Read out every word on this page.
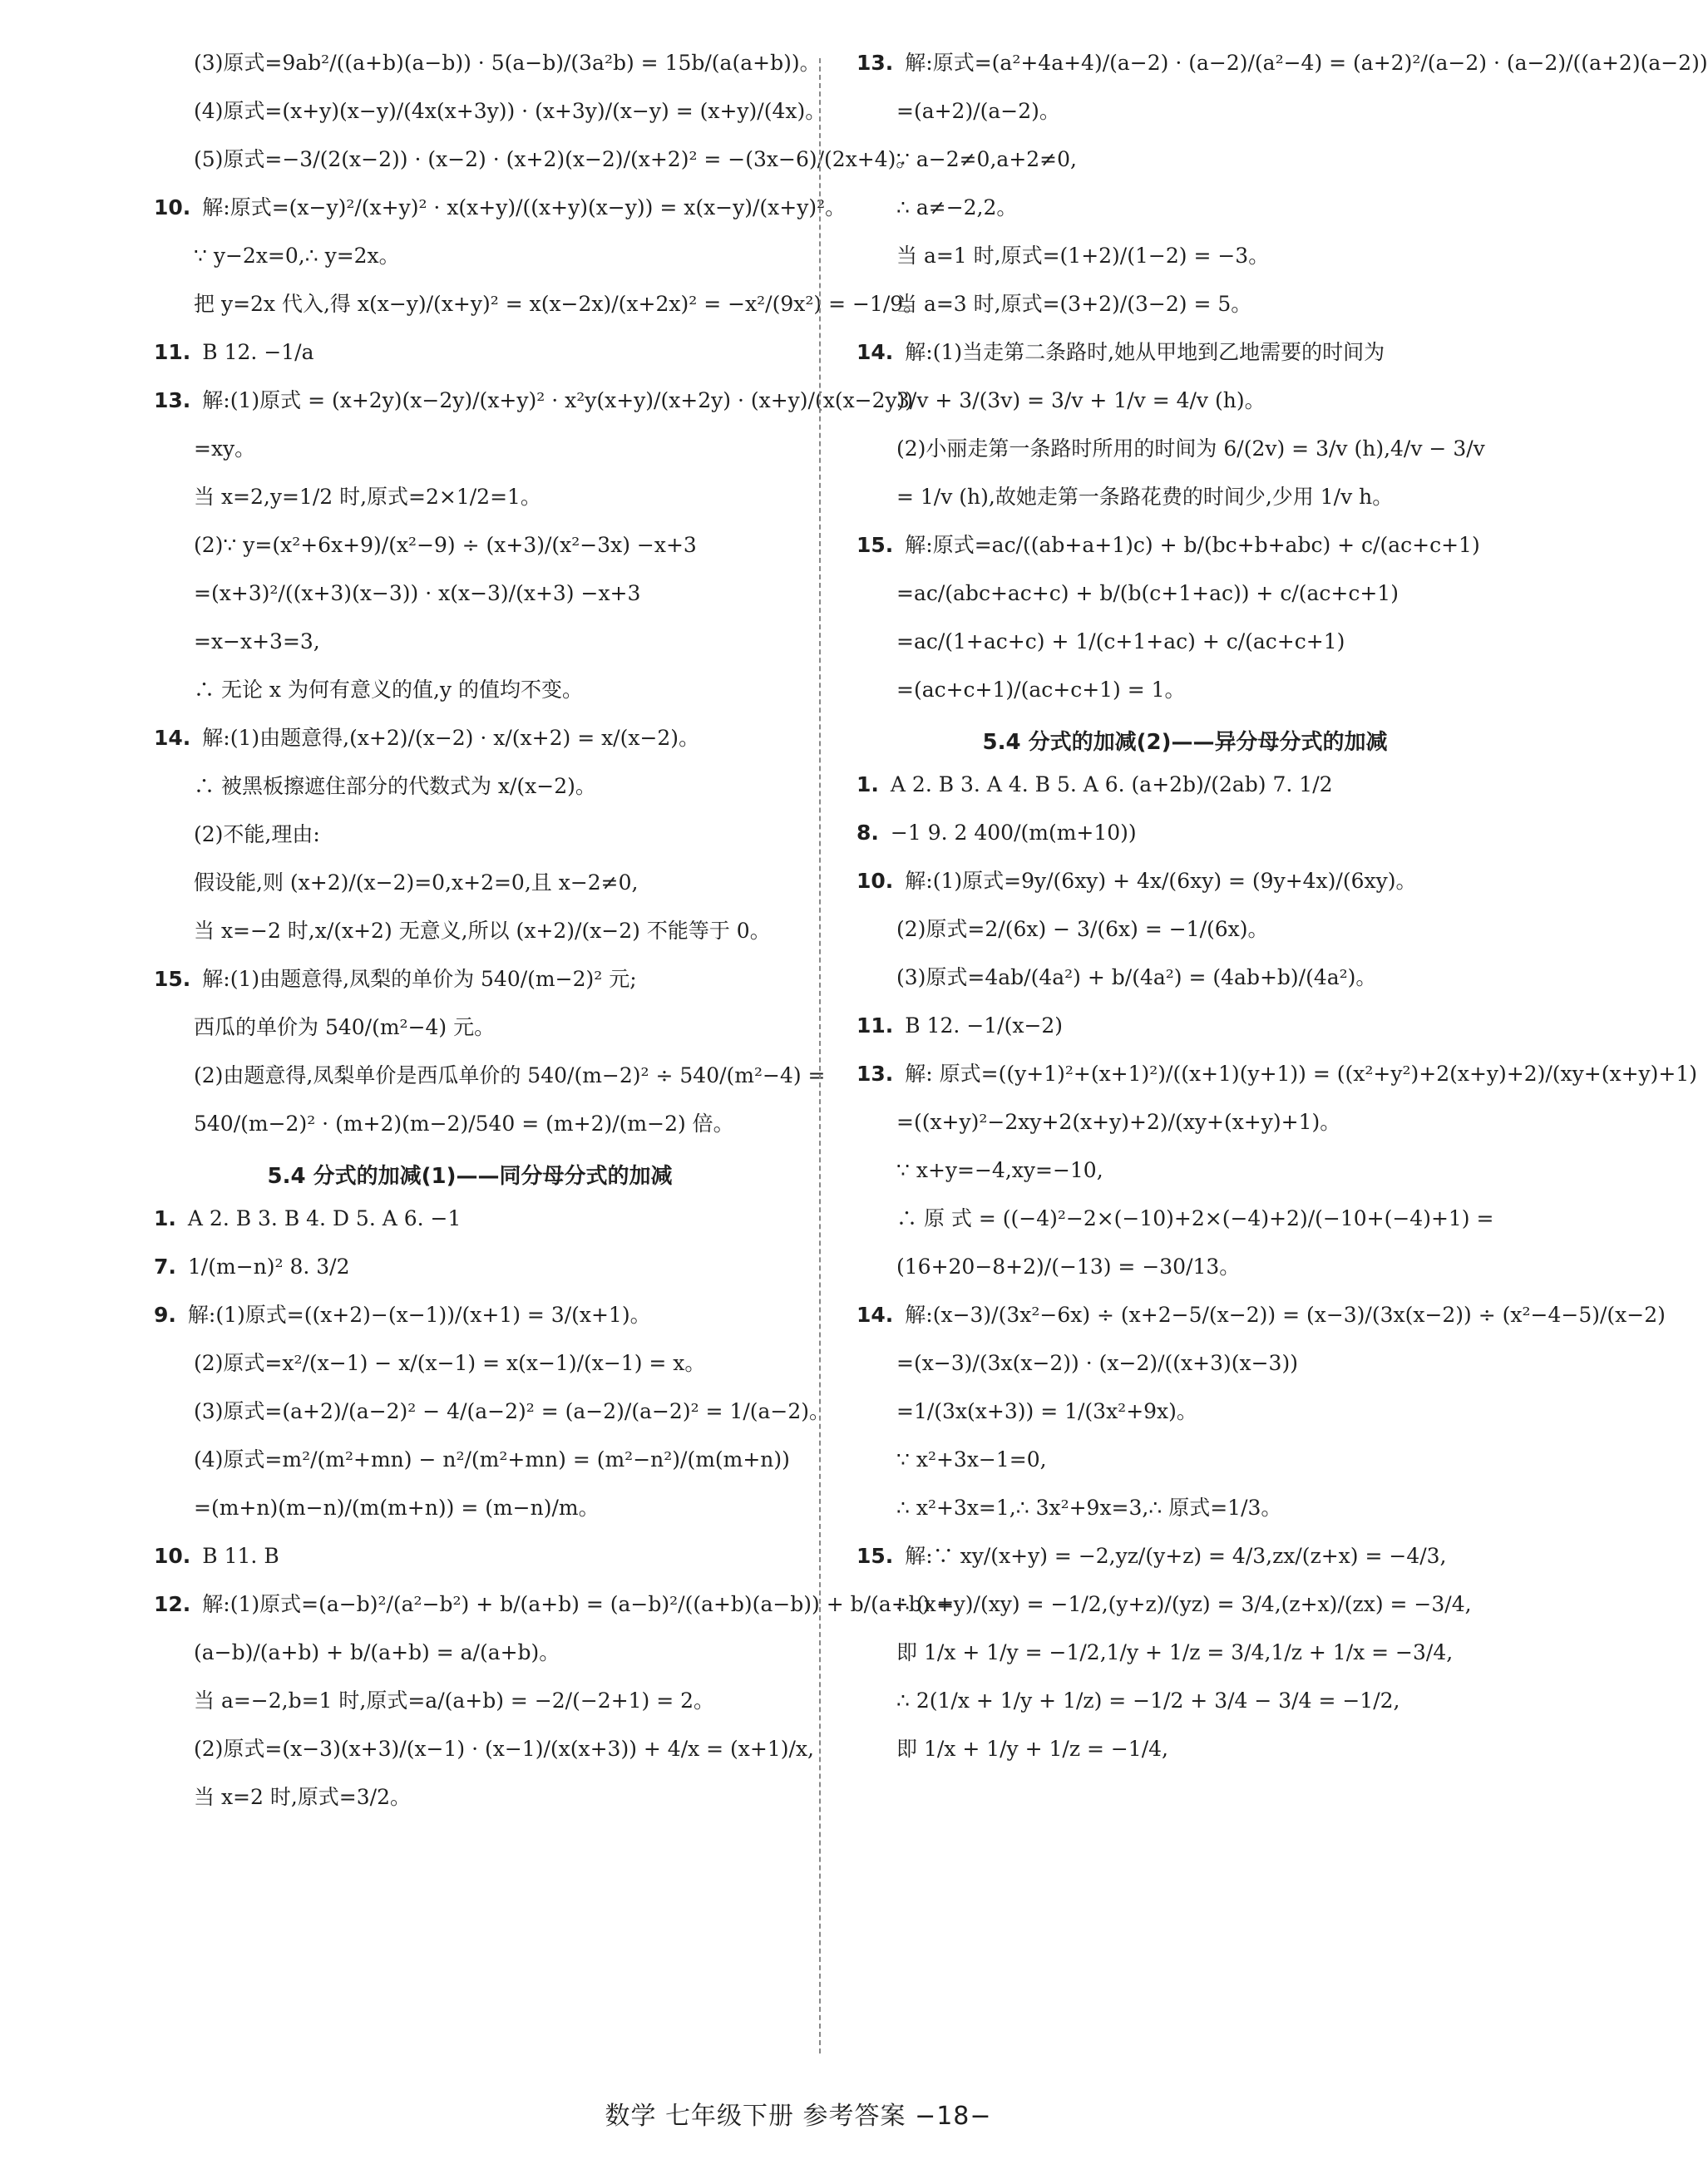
(3)原式=9ab²/((a+b)(a−b)) · 5(a−b)/(3a²b) = 15b/(a(a+b))。
(4)原式=(x+y)(x−y)/(4x(x+3y)) · (x+3y)/(x−y) = (x+y)/(4x)。
(5)原式=−3/(2(x−2)) · (x−2) · (x+2)(x−2)/(x+2)² = −(3x−6)/(2x+4)。
10. 解:原式=(x−y)²/(x+y)² · x(x+y)/((x+y)(x−y)) = x(x−y)/(x+y)²。
∵ y−2x=0,∴ y=2x。
把 y=2x 代入,得 x(x−y)/(x+y)² = x(x−2x)/(x+2x)² = −x²/(9x²) = −1/9。
11. B 12. −1/a
13. 解:(1)原式 = (x+2y)(x−2y)/(x+y)² · x²y(x+y)/(x+2y) · (x+y)/(x(x−2y))
=xy。
当 x=2,y=1/2 时,原式=2×1/2=1。
(2)∵ y=(x²+6x+9)/(x²−9) ÷ (x+3)/(x²−3x) −x+3
=(x+3)²/((x+3)(x−3)) · x(x−3)/(x+3) −x+3
=x−x+3=3,
∴ 无论 x 为何有意义的值,y 的值均不变。
14. 解:(1)由题意得,(x+2)/(x−2) · x/(x+2) = x/(x−2)。
∴ 被黑板擦遮住部分的代数式为 x/(x−2)。
(2)不能,理由:
假设能,则 (x+2)/(x−2)=0,x+2=0,且 x−2≠0,
当 x=−2 时,x/(x+2) 无意义,所以 (x+2)/(x−2) 不能等于 0。
15. 解:(1)由题意得,凤梨的单价为 540/(m−2)² 元;
西瓜的单价为 540/(m²−4) 元。
(2)由题意得,凤梨单价是西瓜单价的 540/(m−2)² ÷ 540/(m²−4) =
540/(m−2)² · (m+2)(m−2)/540 = (m+2)/(m−2) 倍。
5.4 分式的加减(1)——同分母分式的加减
1. A 2. B 3. B 4. D 5. A 6. −1
7. 1/(m−n)² 8. 3/2
9. 解:(1)原式=((x+2)−(x−1))/(x+1) = 3/(x+1)。
(2)原式=x²/(x−1) − x/(x−1) = x(x−1)/(x−1) = x。
(3)原式=(a+2)/(a−2)² − 4/(a−2)² = (a−2)/(a−2)² = 1/(a−2)。
(4)原式=m²/(m²+mn) − n²/(m²+mn) = (m²−n²)/(m(m+n))
=(m+n)(m−n)/(m(m+n)) = (m−n)/m。
10. B 11. B
12. 解:(1)原式=(a−b)²/(a²−b²) + b/(a+b) = (a−b)²/((a+b)(a−b)) + b/(a+b) =
(a−b)/(a+b) + b/(a+b) = a/(a+b)。
当 a=−2,b=1 时,原式=a/(a+b) = −2/(−2+1) = 2。
(2)原式=(x−3)(x+3)/(x−1) · (x−1)/(x(x+3)) + 4/x = (x+1)/x,
当 x=2 时,原式=3/2。
13. 解:原式=(a²+4a+4)/(a−2) · (a−2)/(a²−4) = (a+2)²/(a−2) · (a−2)/((a+2)(a−2))
=(a+2)/(a−2)。
∵ a−2≠0,a+2≠0,
∴ a≠−2,2。
当 a=1 时,原式=(1+2)/(1−2) = −3。
当 a=3 时,原式=(3+2)/(3−2) = 5。
14. 解:(1)当走第二条路时,她从甲地到乙地需要的时间为
3/v + 3/(3v) = 3/v + 1/v = 4/v (h)。
(2)小丽走第一条路时所用的时间为 6/(2v) = 3/v (h),4/v − 3/v
= 1/v (h),故她走第一条路花费的时间少,少用 1/v h。
15. 解:原式=ac/((ab+a+1)c) + b/(bc+b+abc) + c/(ac+c+1)
=ac/(abc+ac+c) + b/(b(c+1+ac)) + c/(ac+c+1)
=ac/(1+ac+c) + 1/(c+1+ac) + c/(ac+c+1)
=(ac+c+1)/(ac+c+1) = 1。
5.4 分式的加减(2)——异分母分式的加减
1. A 2. B 3. A 4. B 5. A 6. (a+2b)/(2ab) 7. 1/2
8. −1 9. 2 400/(m(m+10))
10. 解:(1)原式=9y/(6xy) + 4x/(6xy) = (9y+4x)/(6xy)。
(2)原式=2/(6x) − 3/(6x) = −1/(6x)。
(3)原式=4ab/(4a²) + b/(4a²) = (4ab+b)/(4a²)。
11. B 12. −1/(x−2)
13. 解: 原式=((y+1)²+(x+1)²)/((x+1)(y+1)) = ((x²+y²)+2(x+y)+2)/(xy+(x+y)+1)
=((x+y)²−2xy+2(x+y)+2)/(xy+(x+y)+1)。
∵ x+y=−4,xy=−10,
∴ 原 式 = ((−4)²−2×(−10)+2×(−4)+2)/(−10+(−4)+1) =
(16+20−8+2)/(−13) = −30/13。
14. 解:(x−3)/(3x²−6x) ÷ (x+2−5/(x−2)) = (x−3)/(3x(x−2)) ÷ (x²−4−5)/(x−2)
=(x−3)/(3x(x−2)) · (x−2)/((x+3)(x−3))
=1/(3x(x+3)) = 1/(3x²+9x)。
∵ x²+3x−1=0,
∴ x²+3x=1,∴ 3x²+9x=3,∴ 原式=1/3。
15. 解:∵ xy/(x+y) = −2,yz/(y+z) = 4/3,zx/(z+x) = −4/3,
∴ (x+y)/(xy) = −1/2,(y+z)/(yz) = 3/4,(z+x)/(zx) = −3/4,
即 1/x + 1/y = −1/2,1/y + 1/z = 3/4,1/z + 1/x = −3/4,
∴ 2(1/x + 1/y + 1/z) = −1/2 + 3/4 − 3/4 = −1/2,
即 1/x + 1/y + 1/z = −1/4,
数学 七年级下册 参考答案 −18−
